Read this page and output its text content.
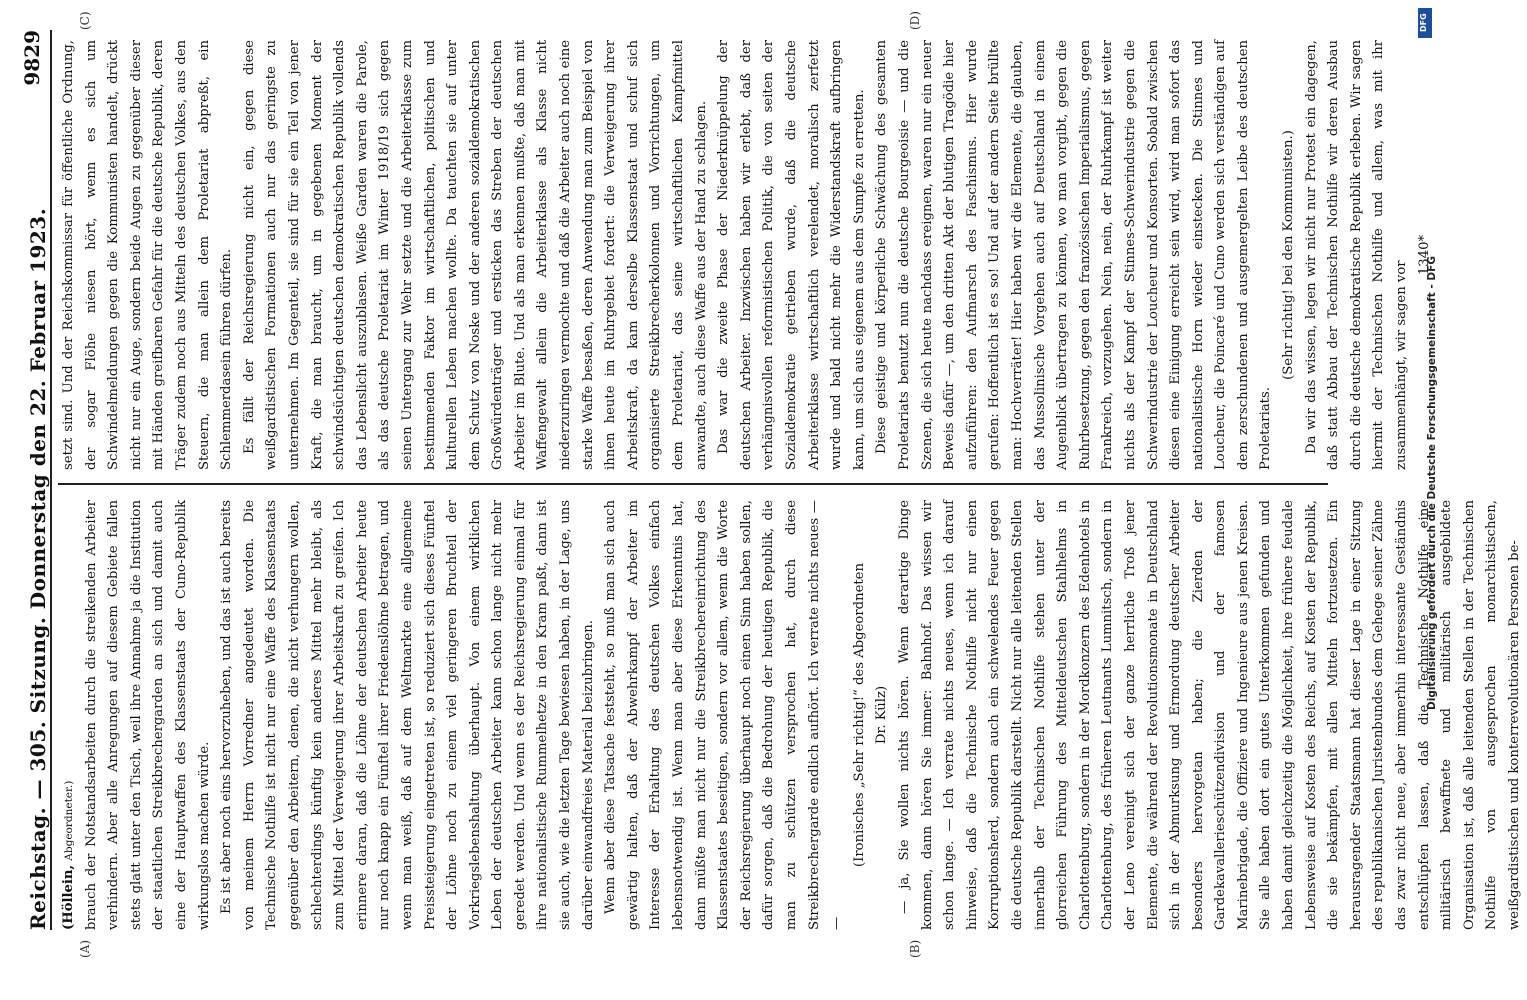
Reichstag. — 305. Sitzung. Donnerstag den 22. Februar 1923.
9829

(Höllein, Abgeordneter.) brauch der Notstandsarbeiten durch die streikenden Arbeiter verhindern. Aber alle Anregungen auf diesem Gebiete fallen stets glatt unter den Tisch, weil ihre Annahme ja die Institution der staatlichen Streikbrechergarden an sich und damit auch eine der Hauptwaffen des Klassenstaats der Cuno-Republik wirkungslos machen würde. Es ist aber noch eins hervorzuheben, und das ist auch bereits von meinem Herrn Vorredner angedeutet worden. Die Technische Nothilfe ist nicht nur eine Waffe des Klassenstaats gegenüber den Arbeitern, denen, die nicht verhungern wollen, schlechterdings künftig kein anderes Mittel mehr bleibt, als zum Mittel der Verweigerung ihrer Arbeitskraft zu greifen. Ich erinnere daran, daß die Löhne der deutschen Arbeiter heute nur noch knapp ein Fünftel ihrer Friedenslöhne betragen, und wenn man weiß, daß auf dem Weltmarkte eine allgemeine Preissteigerung eingetreten ist, so reduziert sich dieses Fünftel der Löhne noch zu einem viel geringeren Bruchteil der Vorkriegslebenshaltung überhaupt. Von einem wirklichen Leben der deutschen Arbeiter kann schon lange nicht mehr geredet werden. Und wenn es der Reichsregierung einmal für ihre nationalistische Rummelhetze in den Kram paßt, dann ist sie auch, wie die letzten Tage bewiesen haben, in der Lage, uns darüber einwandfreies Material beizubringen. Wenn aber diese Tatsache feststeht, so muß man sich auch gewärtig halten, daß der Abwehrkampf der Arbeiter im Interesse der Erhaltung des deutschen Volkes einfach lebensnotwendig ist. Wenn man aber diese Erkenntnis hat, dann müßte man nicht nur die Streikbrechereinrichtung des Klassenstaates beseitigen, sondern vor allem, wenn die Worte der Reichsregierung überhaupt noch einen Sinn haben sollen, dafür sorgen, daß die Bedrohung der heutigen Republik, die man zu schützen versprochen hat, durch diese Streikbrechergarde endlich aufhört. Ich verrate nichts neues — —

(Ironisches „Sehr richtig!“ des Abgeordneten Dr. Külz) — ja, Sie wollen nichts hören. Wenn derartige Dinge kommen, dann hören Sie immer: Bahnhof. Das wissen wir schon lange. — Ich verrate nichts neues, wenn ich darauf hinweise, daß die Technische Nothilfe nicht nur einen Korruptionsherd, sondern auch ein schwelendes Feuer gegen die deutsche Republik darstellt. Nicht nur alle leitenden Stellen innerhalb der Technischen Nothilfe stehen unter der glorreichen Führung des Mitteldeutschen Stahlhelms in Charlottenburg, sondern in der Mordkonzern des Edenhotels in Charlottenburg, des früheren Leutnants Lumnitsch, sondern in der Leno vereinigt sich der ganze herrliche Troß jener Elemente, die während der Revolutionsmonate in Deutschland sich in der Abmurksung und Ermordung deutscher Arbeiter besonders hervorgetan haben; die Zierden der Gardekavallerieschützendivision und der famosen Marinebrigade, die Offiziere und Ingenieure aus jenen Kreisen. Sie alle haben dort ein gutes Unterkommen gefunden und haben damit gleichzeitig die Möglichkeit, ihre frühere feudale Lebensweise auf Kosten des Reichs, auf Kosten der Republik, die sie bekämpfen, mit allen Mitteln fortzusetzen. Ein herausragender Staatsmann hat dieser Lage in einer Sitzung des republikanischen Juristenbundes dem Gehege seiner Zähne das zwar nicht neue, aber immerhin interessante Geständnis entschlüpfen lassen, daß die Technische Nothilfe eine militärisch bewaffnete und militärisch ausgebildete Organisation ist, daß alle leitenden Stellen in der Technischen Nothilfe von ausgesprochen monarchistischen, weißgardistischen und konterrevolutionären Personen be-

setzt sind. Und der Reichskommissar für öffentliche Ordnung, der sogar Flöhe niesen hört, wenn es sich um Schwindelmeldungen gegen die Kommunisten handelt, drückt nicht nur ein Auge, sondern beide Augen zu gegenüber dieser mit Händen greifbaren Gefahr für die deutsche Republik, deren Träger zudem noch aus Mitteln des deutschen Volkes, aus den Steuern, die man allein dem Proletariat abpreßt, ein Schlemmerdasein führen dürfen. Es fällt der Reichsregierung nicht ein, gegen diese weißgardistischen Formationen auch nur das geringste zu unternehmen. Im Gegenteil, sie sind für sie ein Teil von jener Kraft, die man braucht, um in gegebenen Moment der schwindsüchtigen deutschen demokratischen Republik vollends das Lebenslicht auszublasen. Weiße Garden waren die Parole, als das deutsche Proletariat im Winter 1918/19 sich gegen seinen Untergang zur Wehr setzte und die Arbeiterklasse zum bestimmenden Faktor im wirtschaftlichen, politischen und kulturellen Leben machen wollte. Da tauchten sie auf unter dem Schutz von Noske und der anderen sozialdemokratischen Großwürdenträger und ersticken das Streben der deutschen Arbeiter im Blute. Und als man erkennen mußte, daß man mit Waffengewalt allein die Arbeiterklasse als Klasse nicht niederzuringen vermochte und daß die Arbeiter auch noch eine starke Waffe besaßen, deren Anwendung man zum Beispiel von ihnen heute im Ruhrgebiet fordert: die Verweigerung ihrer Arbeitskraft, da kam derselbe Klassenstaat und schuf sich organisierte Streikbrecherkolonnen und Vorrichtungen, um dem Proletariat, das seine wirtschaftlichen Kampfmittel anwandte, auch diese Waffe aus der Hand zu schlagen. Das war die zweite Phase der Niederknüppelung der deutschen Arbeiter. Inzwischen haben wir erlebt, daß der verhängnisvollen reformistischen Politik, die von seiten der Sozialdemokratie getrieben wurde, daß die deutsche Arbeiterklasse wirtschaftlich verelendet, moralisch zerfetzt wurde und bald nicht mehr die Widerstandskraft aufbringen kann, um sich aus eigenem aus dem Sumpfe zu erretten. Diese geistige und körperliche Schwächung des gesamten Proletariats benutzt nun die deutsche Bourgeoisie — und die Szenen, die sich heute nachdass ereignen, waren nur ein neuer Beweis dafür —, um den dritten Akt der blutigen Tragödie hier aufzuführen: den Aufmarsch des Faschismus. Hier wurde gerufen: Hoffentlich ist es so! Und auf der andern Seite brüllte man: Hochverräter! Hier haben wir die Elemente, die glauben, das Mussolinische Vorgehen auch auf Deutschland in einem Augenblick übertragen zu können, wo man vorgibt, gegen die Ruhrbesetzung, gegen den französischen Imperialismus, gegen Frankreich, vorzugehen. Nein, nein, der Ruhrkampf ist weiter nichts als der Kampf der Stinnes-Schwerindustrie gegen die Schwerindustrie der Loucheur und Konsorten. Sobald zwischen diesen eine Einigung erreicht sein wird, wird man sofort das nationalistische Horn wieder einstecken. Die Stinnes und Loucheur, die Poincaré und Cuno werden sich verständigen auf dem zerschundenen und ausgemergelten Leibe des deutschen Proletariats.

(Sehr richtig! bei den Kommunisten.) Da wir das wissen, legen wir nicht nur Protest ein dagegen, daß statt Abbau der Technischen Nothilfe wir deren Ausbau durch die deutsche demokratische Republik erleben. Wir sagen hiermit der Technischen Nothilfe und allem, was mit ihr zusammenhängt, wir sagen vor

1340*

(A)	(B)
(C)	(D)
Digitalisierung gefördert durch die Deutsche Forschungsgemeinschaft - DFG
DFG
